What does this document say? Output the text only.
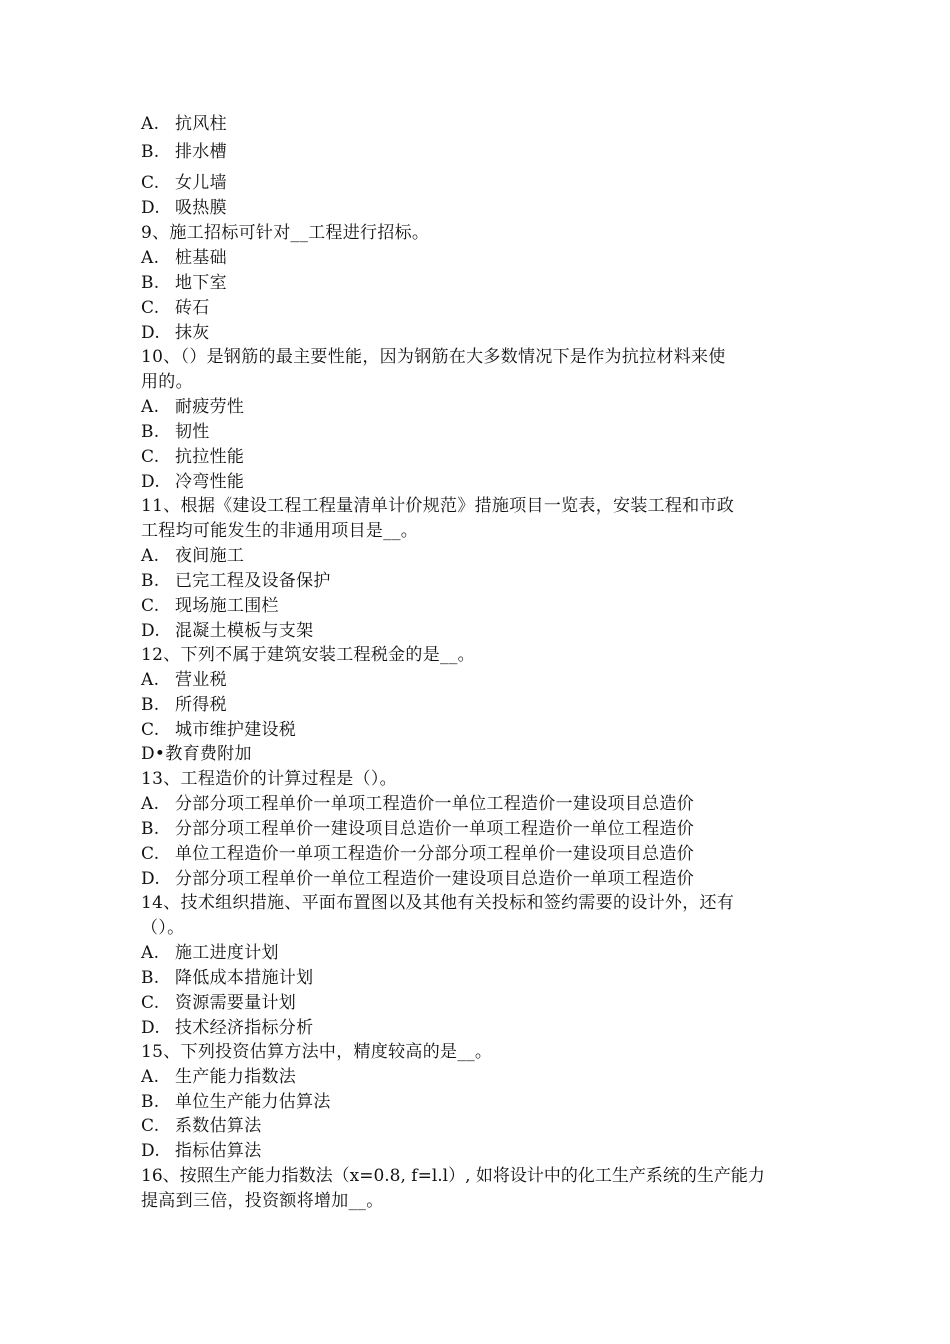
A. 抗风柱
B. 排水槽
C. 女儿墙
D. 吸热膜
9、施工招标可针对__工程进行招标。
A. 桩基础
B. 地下室
C. 砖石
D. 抹灰
10、（）是钢筋的最主要性能，因为钢筋在大多数情况下是作为抗拉材料来使
用的。
A. 耐疲劳性
B. 韧性
C. 抗拉性能
D. 冷弯性能
11、根据《建设工程工程量清单计价规范》措施项目一览表，安装工程和市政
工程均可能发生的非通用项目是__。
A. 夜间施工
B. 已完工程及设备保护
C. 现场施工围栏
D. 混凝土模板与支架
12、下列不属于建筑安装工程税金的是__。
A. 营业税
B. 所得税
C. 城市维护建设税
D•教育费附加
13、工程造价的计算过程是（）。
A. 分部分项工程单价一单项工程造价一单位工程造价一建设项目总造价
B. 分部分项工程单价一建设项目总造价一单项工程造价一单位工程造价
C. 单位工程造价一单项工程造价一分部分项工程单价一建设项目总造价
D. 分部分项工程单价一单位工程造价一建设项目总造价一单项工程造价
14、技术组织措施、平面布置图以及其他有关投标和签约需要的设计外，还有
（）。
A. 施工进度计划
B. 降低成本措施计划
C. 资源需要量计划
D. 技术经济指标分析
15、下列投资估算方法中，精度较高的是__。
A. 生产能力指数法
B. 单位生产能力估算法
C. 系数估算法
D. 指标估算法
16、按照生产能力指数法（x=0.8, f=l.l）, 如将设计中的化工生产系统的生产能力
提高到三倍，投资额将增加__。
